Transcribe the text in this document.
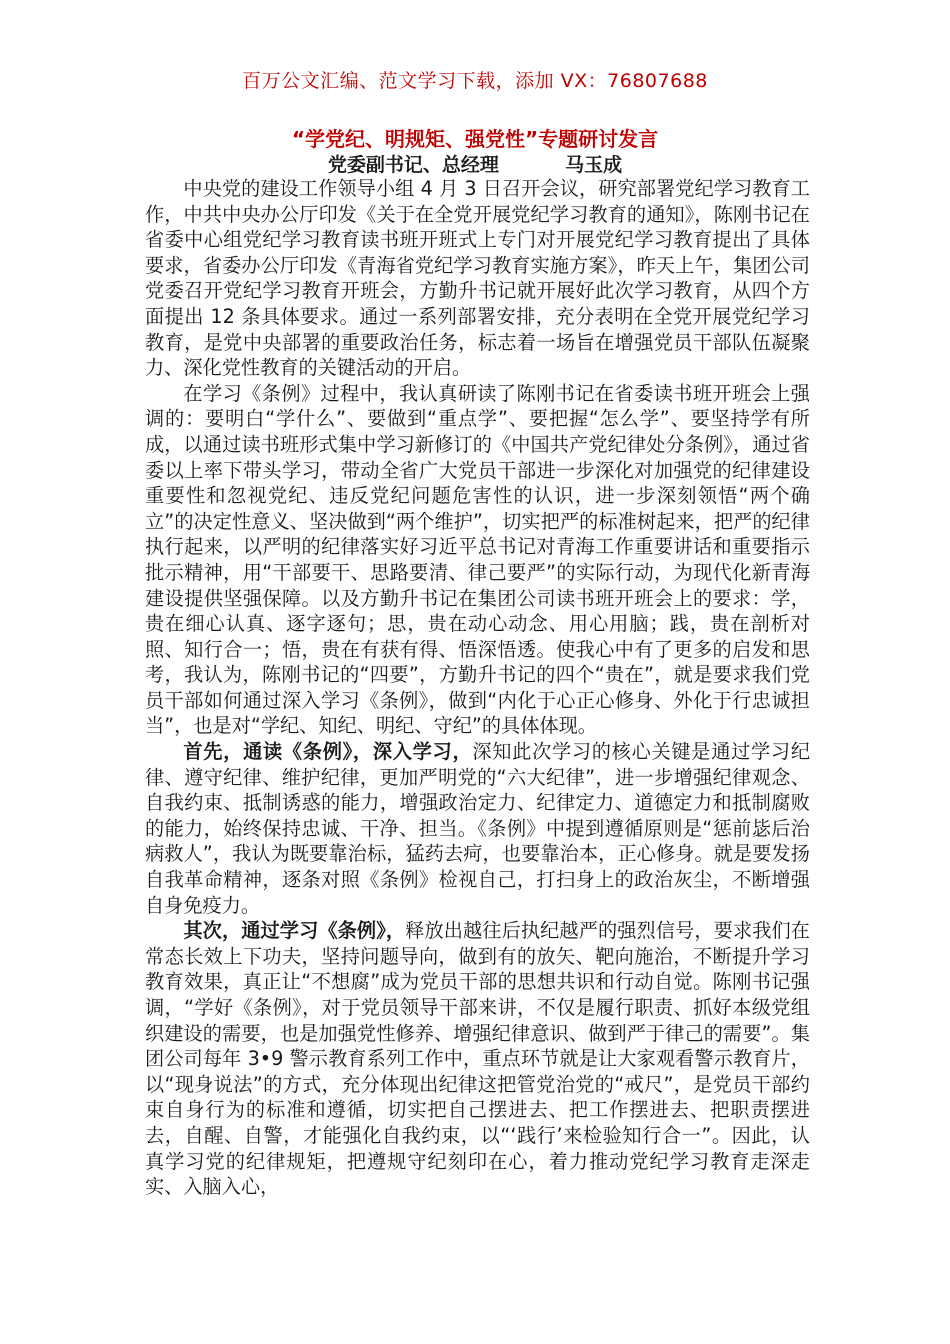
百万公文汇编、范文学习下载，添加 VX：76807688
“学党纪、明规矩、强党性”专题研讨发言
党委副书记、总经理          马玉成

中央党的建设工作领导小组 4 月 3 日召开会议，研究部署党纪学习教育工作，中共中央办公厅印发《关于在全党开展党纪学习教育的通知》，陈刚书记在省委中心组党纪学习教育读书班开班式上专门对开展党纪学习教育提出了具体要求，省委办公厅印发《青海省党纪学习教育实施方案》，昨天上午，集团公司党委召开党纪学习教育开班会，方勤升书记就开展好此次学习教育，从四个方面提出 12 条具体要求。通过一系列部署安排，充分表明在全党开展党纪学习教育，是党中央部署的重要政治任务，标志着一场旨在增强党员干部队伍凝聚力、深化党性教育的关键活动的开启。

在学习《条例》过程中，我认真研读了陈刚书记在省委读书班开班会上强调的：要明白“学什么”、要做到“重点学”、要把握“怎么学”、要坚持学有所成，以通过读书班形式集中学习新修订的《中国共产党纪律处分条例》，通过省委以上率下带头学习，带动全省广大党员干部进一步深化对加强党的纪律建设重要性和忽视党纪、违反党纪问题危害性的认识，进一步深刻领悟“两个确立”的决定性意义、坚决做到“两个维护”，切实把严的标准树起来，把严的纪律执行起来，以严明的纪律落实好习近平总书记对青海工作重要讲话和重要指示批示精神，用“干部要干、思路要清、律己要严”的实际行动，为现代化新青海建设提供坚强保障。以及方勤升书记在集团公司读书班开班会上的要求：学，贵在细心认真、逐字逐句；思，贵在动心动念、用心用脑；践，贵在剖析对照、知行合一；悟，贵在有获有得、悟深悟透。使我心中有了更多的启发和思考，我认为，陈刚书记的“四要”，方勤升书记的四个“贵在”，就是要求我们党员干部如何通过深入学习《条例》，做到“内化于心正心修身、外化于行忠诚担当”，也是对“学纪、知纪、明纪、守纪”的具体体现。

首先，通读《条例》，深入学习，深知此次学习的核心关键是通过学习纪律、遵守纪律、维护纪律，更加严明党的“六大纪律”，进一步增强纪律观念、自我约束、抵制诱惑的能力，增强政治定力、纪律定力、道德定力和抵制腐败的能力，始终保持忠诚、干净、担当。《条例》中提到遵循原则是“惩前毖后治病救人”，我认为既要靠治标，猛药去疴，也要靠治本，正心修身。就是要发扬自我革命精神，逐条对照《条例》检视自己，打扫身上的政治灰尘，不断增强自身免疫力。

其次，通过学习《条例》，释放出越往后执纪越严的强烈信号，要求我们在常态长效上下功夫，坚持问题导向，做到有的放矢、靶向施治，不断提升学习教育效果，真正让“不想腐”成为党员干部的思想共识和行动自觉。陈刚书记强调，“学好《条例》，对于党员领导干部来讲，不仅是履行职责、抓好本级党组织建设的需要，也是加强党性修养、增强纪律意识、做到严于律己的需要”。集团公司每年 3•9 警示教育系列工作中，重点环节就是让大家观看警示教育片，以“现身说法”的方式，充分体现出纪律这把管党治党的“戒尺”，是党员干部约束自身行为的标准和遵循，切实把自己摆进去、把工作摆进去、把职责摆进去，自醒、自警，才能强化自我约束，以“‘践行’来检验知行合一”。因此，认真学习党的纪律规矩，把遵规守纪刻印在心，着力推动党纪学习教育走深走实、入脑入心，
